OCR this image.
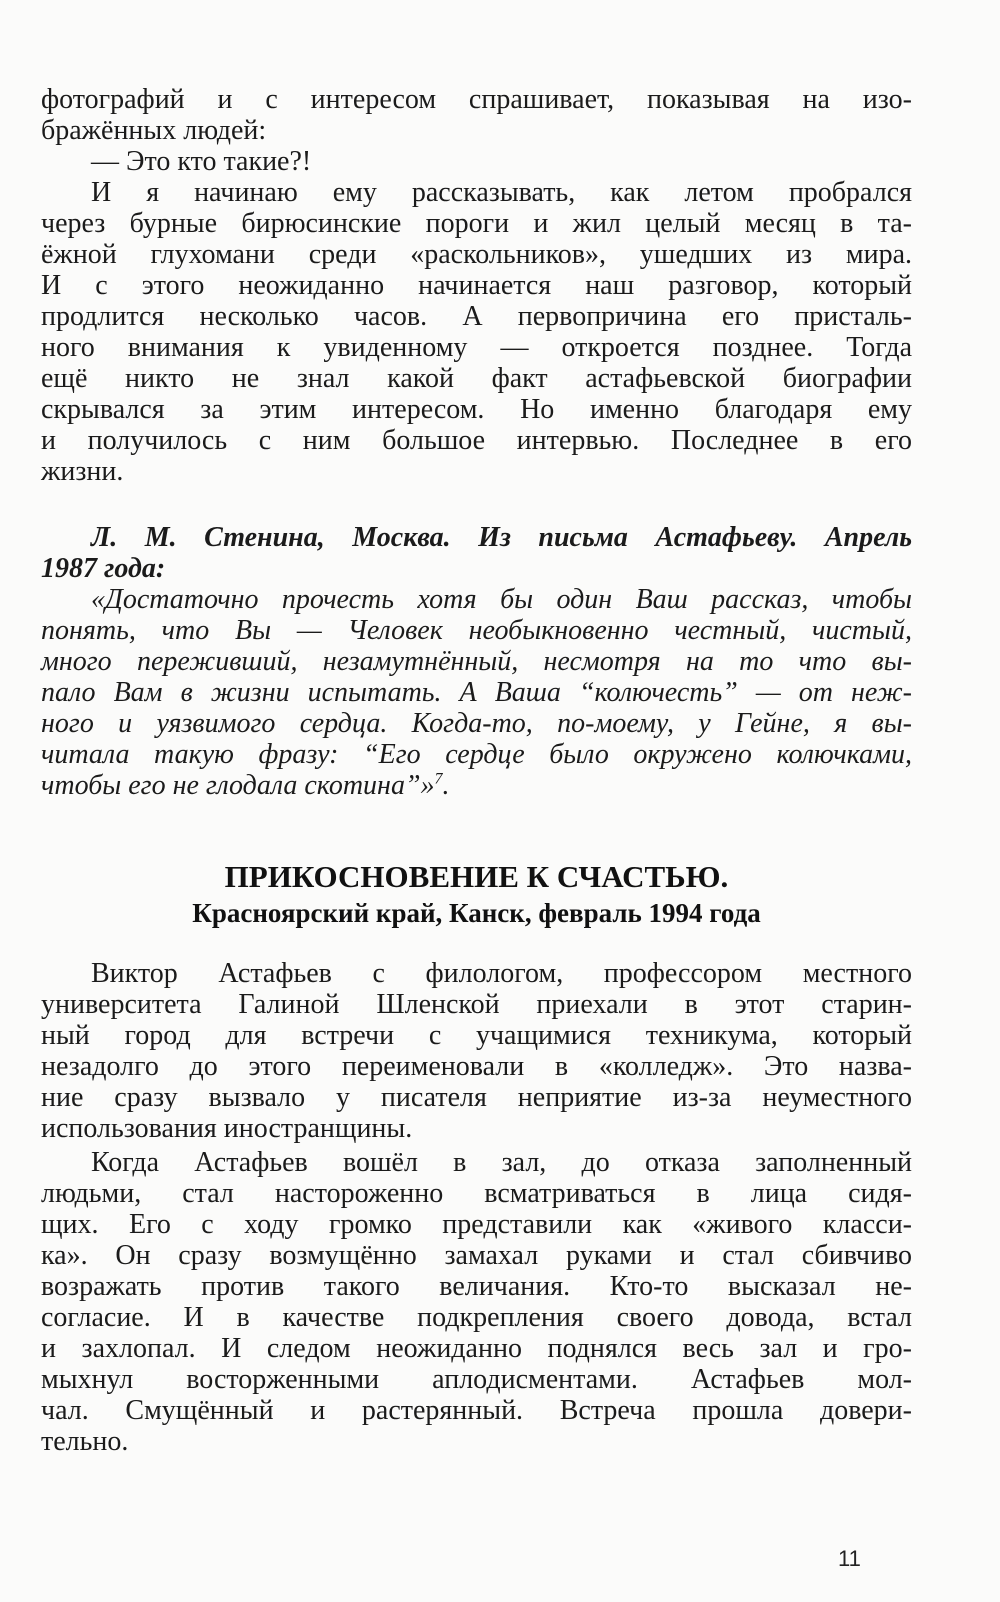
фотографий и с интересом спрашивает, показывая на изо-
бражённых людей:
— Это кто такие?!
И я начинаю ему рассказывать, как летом пробрался
через бурные бирюсинские пороги и жил целый месяц в та-
ёжной глухомани среди «раскольников», ушедших из мира.
И с этого неожиданно начинается наш разговор, который
продлится несколько часов. А первопричина его присталь-
ного внимания к увиденному — откроется позднее. Тогда
ещё никто не знал какой факт астафьевской биографии
скрывался за этим интересом. Но именно благодаря ему
и получилось с ним большое интервью. Последнее в его
жизни.
Л. М. Стенина, Москва. Из письма Астафьеву. Апрель
1987 года:
«Достаточно прочесть хотя бы один Ваш рассказ, чтобы
понять, что Вы — Человек необыкновенно честный, чистый,
много переживший, незамутнённый, несмотря на то что вы-
пало Вам в жизни испытать. А Ваша “колючесть” — от неж-
ного и уязвимого сердца. Когда-то, по-моему, у Гейне, я вы-
читала такую фразу: “Его сердце было окружено колючками,
чтобы его не глодала скотина”»$^7$.
ПРИКОСНОВЕНИЕ К СЧАСТЬЮ.
Красноярский край, Канск, февраль 1994 года
Виктор Астафьев с филологом, профессором местного
университета Галиной Шленской приехали в этот старин-
ный город для встречи с учащимися техникума, который
незадолго до этого переименовали в «колледж». Это назва-
ние сразу вызвало у писателя неприятие из-за неуместного
использования иностранщины.
Когда Астафьев вошёл в зал, до отказа заполненный
людьми, стал настороженно всматриваться в лица сидя-
щих. Его с ходу громко представили как «живого класси-
ка». Он сразу возмущённо замахал руками и стал сбивчиво
возражать против такого величания. Кто-то высказал не-
согласие. И в качестве подкрепления своего довода, встал
и захлопал. И следом неожиданно поднялся весь зал и гро-
мыхнул восторженными аплодисментами. Астафьев мол-
чал. Смущённый и растерянный. Встреча прошла довери-
тельно.
11
